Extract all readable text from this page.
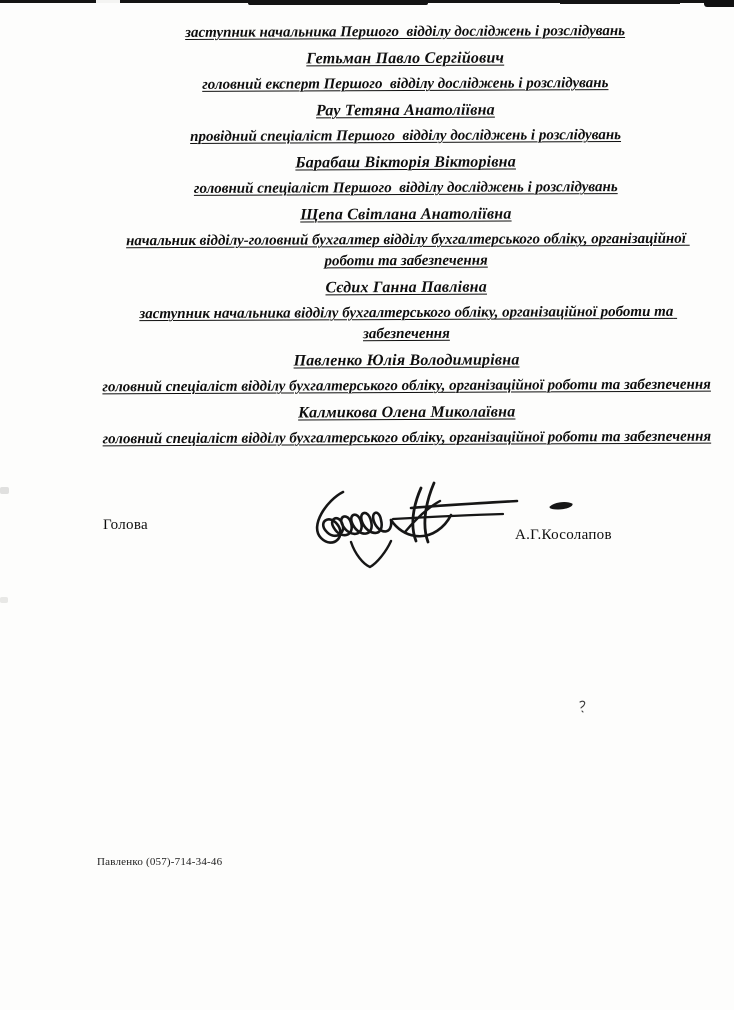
заступник начальника Першого  відділу досліджень і розслідувань

Гетьман Павло Сергійович

головний експерт Першого  відділу досліджень і розслідувань

Рау Тетяна Анатоліївна

провідний спеціаліст Першого  відділу досліджень і розслідувань

Барабаш Вікторія Вікторівна

головний спеціаліст Першого  відділу досліджень і розслідувань

Щепа Світлана Анатоліївна

начальник відділу-головний бухгалтер відділу бухгалтерського обліку, організаційної роботи та забезпечення

Сєдих Ганна Павлівна

заступник начальника відділу бухгалтерського обліку, організаційної роботи та забезпечення

Павленко Юлія Володимирівна

головний спеціаліст відділу бухгалтерського обліку, організаційної роботи та забезпечення

Калмикова Олена Миколаївна

головний спеціаліст відділу бухгалтерського обліку, організаційної роботи та забезпечення

Голова
А.Г.Косолапов
Павленко (057)-714-34-46
